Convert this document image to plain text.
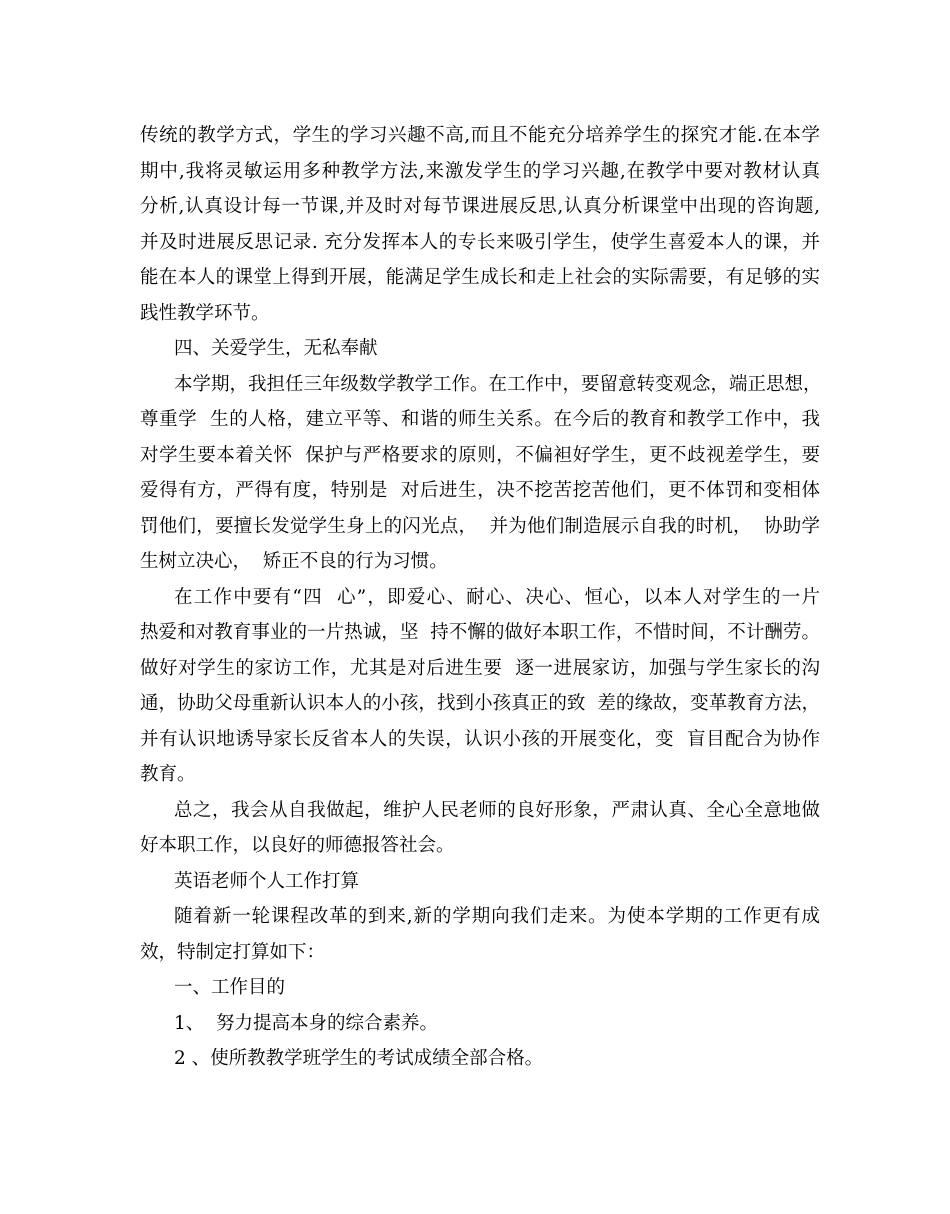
传统的教学方式，学生的学习兴趣不高,而且不能充分培养学生的探究才能.在本学
期中,我将灵敏运用多种教学方法,来激发学生的学习兴趣,在教学中要对教材认真
分析,认真设计每一节课,并及时对每节课进展反思,认真分析课堂中出现的咨询题,
并及时进展反思记录. 充分发挥本人的专长来吸引学生，使学生喜爱本人的课，并
能在本人的课堂上得到开展，能满足学生成长和走上社会的实际需要，有足够的实
践性教学环节。
四、关爱学生，无私奉献
本学期，我担任三年级数学教学工作。在工作中，要留意转变观念，端正思想，
尊重学  生的人格，建立平等、和谐的师生关系。在今后的教育和教学工作中，我
对学生要本着关怀  保护与严格要求的原则，不偏袒好学生，更不歧视差学生，要
爱得有方，严得有度，特别是  对后进生，决不挖苦挖苦他们，更不体罚和变相体
罚他们，要擅长发觉学生身上的闪光点，  并为他们制造展示自我的时机，  协助学
生树立决心，  矫正不良的行为习惯。
在工作中要有“四  心”，即爱心、耐心、决心、恒心，以本人对学生的一片
热爱和对教育事业的一片热诚，坚  持不懈的做好本职工作，不惜时间，不计酬劳。
做好对学生的家访工作，尤其是对后进生要  逐一进展家访，加强与学生家长的沟
通，协助父母重新认识本人的小孩，找到小孩真正的致  差的缘故，变革教育方法，
并有认识地诱导家长反省本人的失误，认识小孩的开展变化，变  盲目配合为协作
教育。
总之，我会从自我做起，维护人民老师的良好形象，严肃认真、全心全意地做
好本职工作，以良好的师德报答社会。
英语老师个人工作打算
随着新一轮课程改革的到来,新的学期向我们走来。为使本学期的工作更有成
效，特制定打算如下：
一、工作目的
1、  努力提高本身的综合素养。
2 、使所教教学班学生的考试成绩全部合格。
